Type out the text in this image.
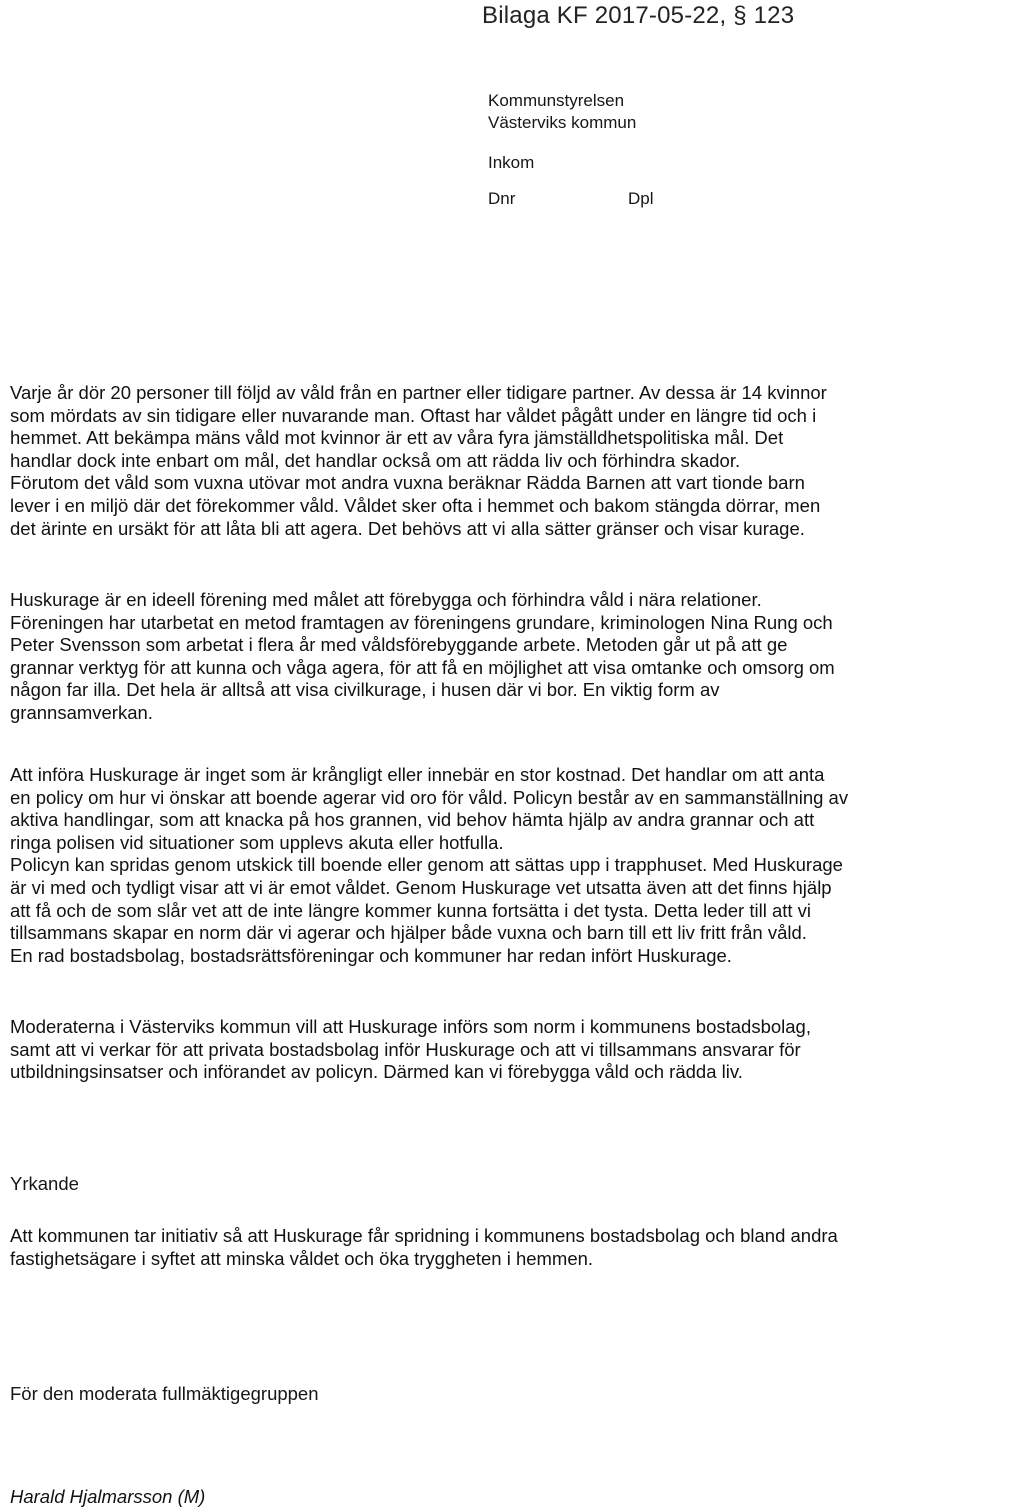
Bilaga KF 2017-05-22, § 123
Kommunstyrelsen
Västerviks kommun
Inkom
Dnr	Dpl
Varje år dör 20 personer till följd av våld från en partner eller tidigare partner. Av dessa är 14 kvinnor
som mördats av sin tidigare eller nuvarande man. Oftast har våldet pågått under en längre tid och i
hemmet. Att bekämpa mäns våld mot kvinnor är ett av våra fyra jämställdhetspolitiska mål. Det
handlar dock inte enbart om mål, det handlar också om att rädda liv och förhindra skador.
Förutom det våld som vuxna utövar mot andra vuxna beräknar Rädda Barnen att vart tionde barn
lever i en miljö där det förekommer våld. Våldet sker ofta i hemmet och bakom stängda dörrar, men
det ärinte en ursäkt för att låta bli att agera. Det behövs att vi alla sätter gränser och visar kurage.
Huskurage är en ideell förening med målet att förebygga och förhindra våld i nära relationer.
Föreningen har utarbetat en metod framtagen av föreningens grundare, kriminologen Nina Rung och
Peter Svensson som arbetat i flera år med våldsförebyggande arbete. Metoden går ut på att ge
grannar verktyg för att kunna och våga agera, för att få en möjlighet att visa omtanke och omsorg om
någon far illa. Det hela är alltså att visa civilkurage, i husen där vi bor. En viktig form av
grannsamverkan.
Att införa Huskurage är inget som är krångligt eller innebär en stor kostnad. Det handlar om att anta
en policy om hur vi önskar att boende agerar vid oro för våld. Policyn består av en sammanställning av
aktiva handlingar, som att knacka på hos grannen, vid behov hämta hjälp av andra grannar och att
ringa polisen vid situationer som upplevs akuta eller hotfulla.
Policyn kan spridas genom utskick till boende eller genom att sättas upp i trapphuset. Med Huskurage
är vi med och tydligt visar att vi är emot våldet. Genom Huskurage vet utsatta även att det finns hjälp
att få och de som slår vet att de inte längre kommer kunna fortsätta i det tysta. Detta leder till att vi
tillsammans skapar en norm där vi agerar och hjälper både vuxna och barn till ett liv fritt från våld.
En rad bostadsbolag, bostadsrättsföreningar och kommuner har redan infört Huskurage.
Moderaterna i Västerviks kommun vill att Huskurage införs som norm i kommunens bostadsbolag,
samt att vi verkar för att privata bostadsbolag inför Huskurage och att vi tillsammans ansvarar för
utbildningsinsatser och införandet av policyn. Därmed kan vi förebygga våld och rädda liv.
Yrkande
Att kommunen tar initiativ så att Huskurage får spridning i kommunens bostadsbolag och bland andra
fastighetsägare i syftet att minska våldet och öka tryggheten i hemmen.
För den moderata fullmäktigegruppen
Harald Hjalmarsson (M)
